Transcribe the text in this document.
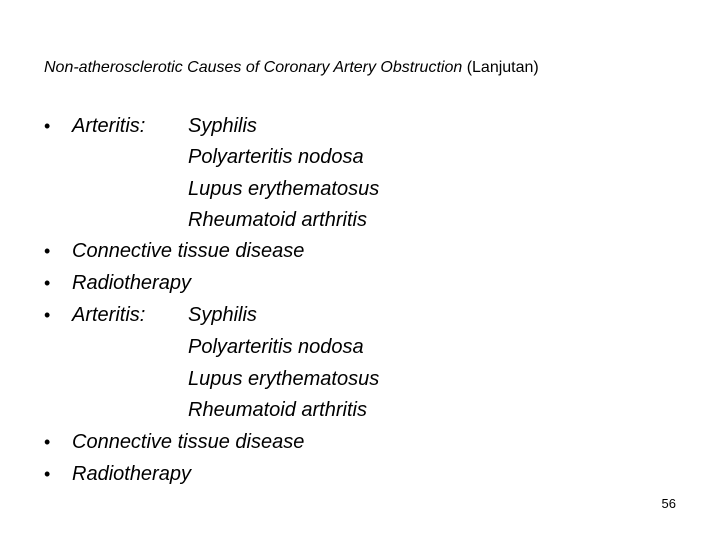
Non-atherosclerotic Causes of Coronary Artery Obstruction (Lanjutan)
• Arteritis: Syphilis
Polyarteritis nodosa
Lupus erythematosus
Rheumatoid arthritis
• Connective tissue disease
• Radiotherapy
• Arteritis: Syphilis
Polyarteritis nodosa
Lupus erythematosus
Rheumatoid arthritis
• Connective tissue disease
• Radiotherapy
56
